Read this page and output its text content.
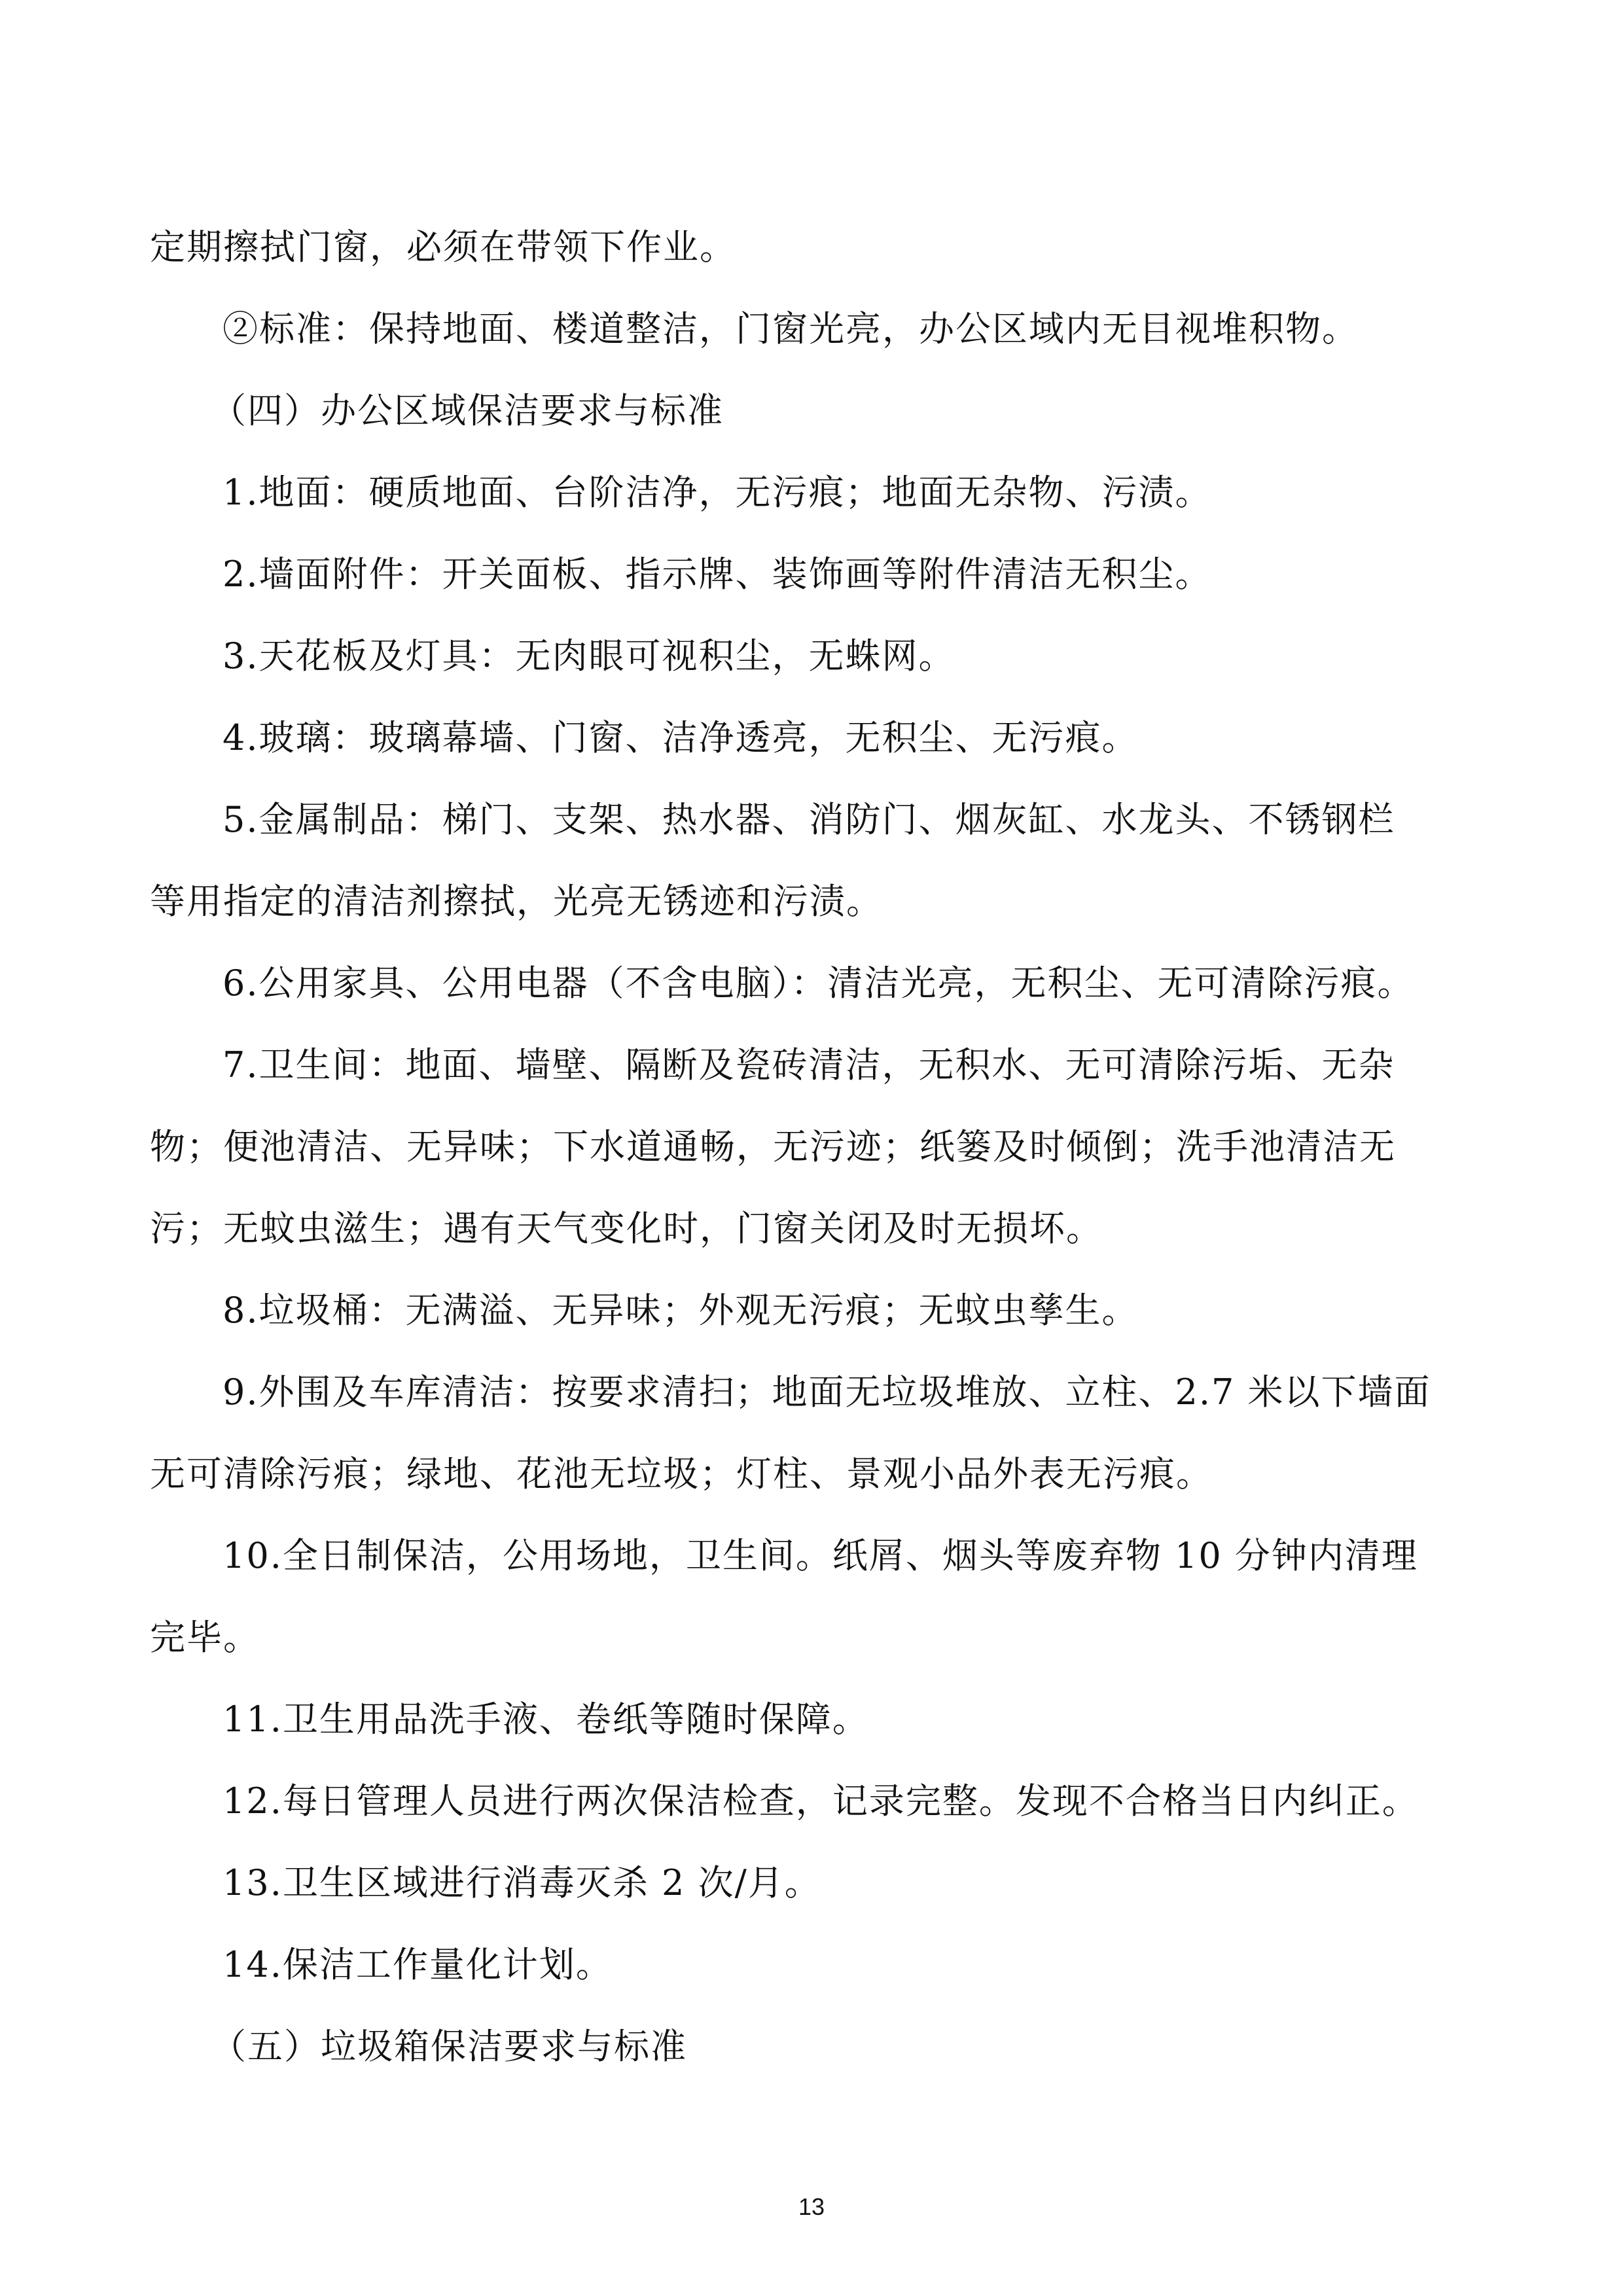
定期擦拭门窗，必须在带领下作业。
②标准：保持地面、楼道整洁，门窗光亮，办公区域内无目视堆积物。
（四）办公区域保洁要求与标准
1.地面：硬质地面、台阶洁净，无污痕；地面无杂物、污渍。
2.墙面附件：开关面板、指示牌、装饰画等附件清洁无积尘。
3.天花板及灯具：无肉眼可视积尘，无蛛网。
4.玻璃：玻璃幕墙、门窗、洁净透亮，无积尘、无污痕。
5.金属制品：梯门、支架、热水器、消防门、烟灰缸、水龙头、不锈钢栏
等用指定的清洁剂擦拭，光亮无锈迹和污渍。
6.公用家具、公用电器（不含电脑）：清洁光亮，无积尘、无可清除污痕。
7.卫生间：地面、墙壁、隔断及瓷砖清洁，无积水、无可清除污垢、无杂
物；便池清洁、无异味；下水道通畅，无污迹；纸篓及时倾倒；洗手池清洁无
污；无蚊虫滋生；遇有天气变化时，门窗关闭及时无损坏。
8.垃圾桶：无满溢、无异味；外观无污痕；无蚊虫孳生。
9.外围及车库清洁：按要求清扫；地面无垃圾堆放、立柱、2.7 米以下墙面
无可清除污痕；绿地、花池无垃圾；灯柱、景观小品外表无污痕。
10.全日制保洁，公用场地，卫生间。纸屑、烟头等废弃物 10 分钟内清理
完毕。
11.卫生用品洗手液、卷纸等随时保障。
12.每日管理人员进行两次保洁检查，记录完整。发现不合格当日内纠正。
13.卫生区域进行消毒灭杀 2 次/月。
14.保洁工作量化计划。
（五）垃圾箱保洁要求与标准
13
